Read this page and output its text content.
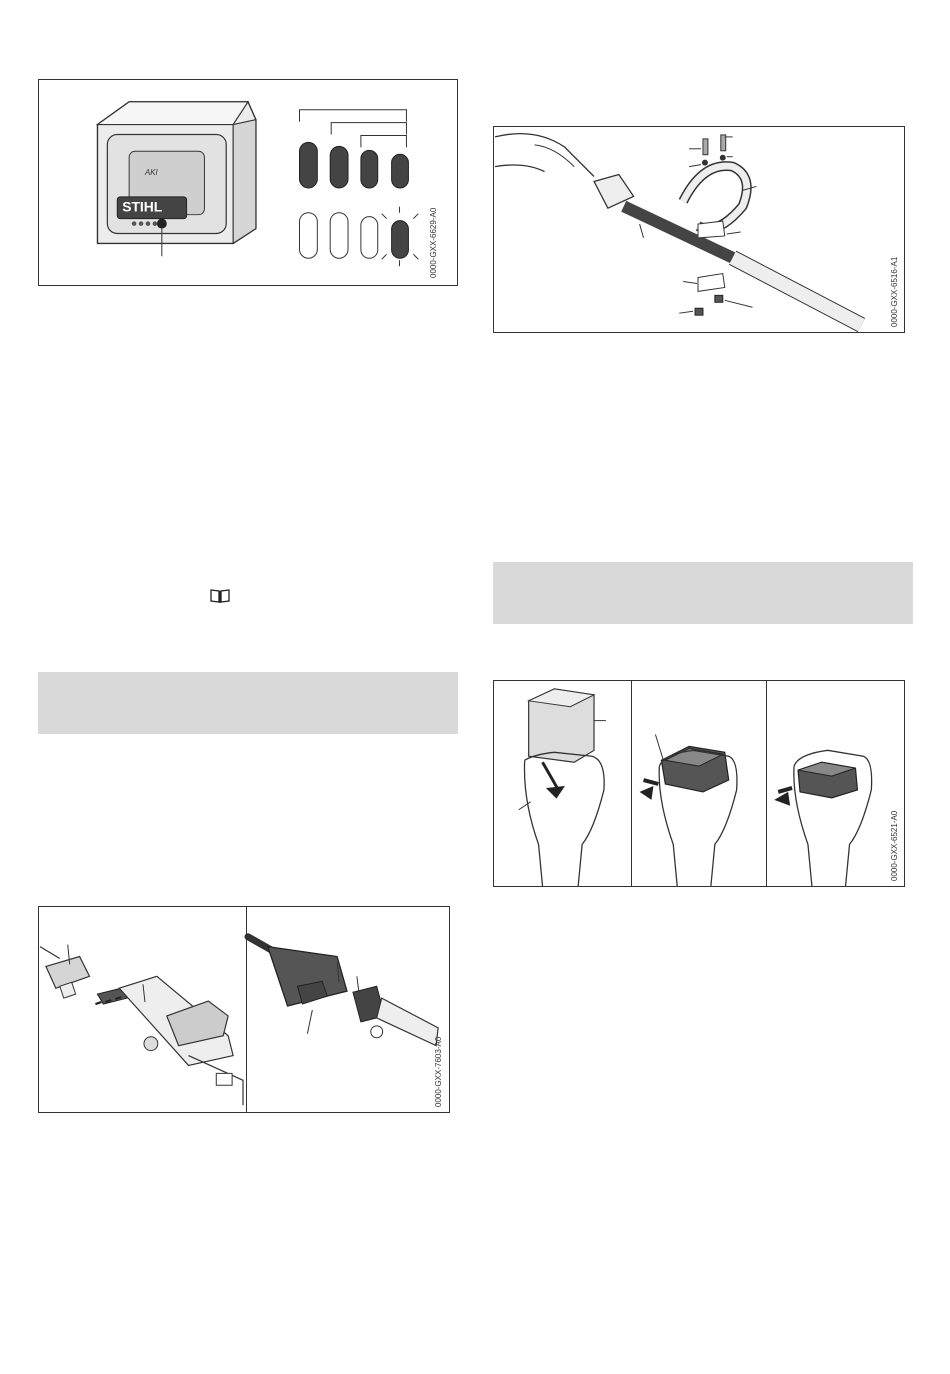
AKI
STIHL
0000-GXX-6629-A0
0000-GXX-7603-A0
0000-GXX-6516-A1
0000-GXX-6521-A0
